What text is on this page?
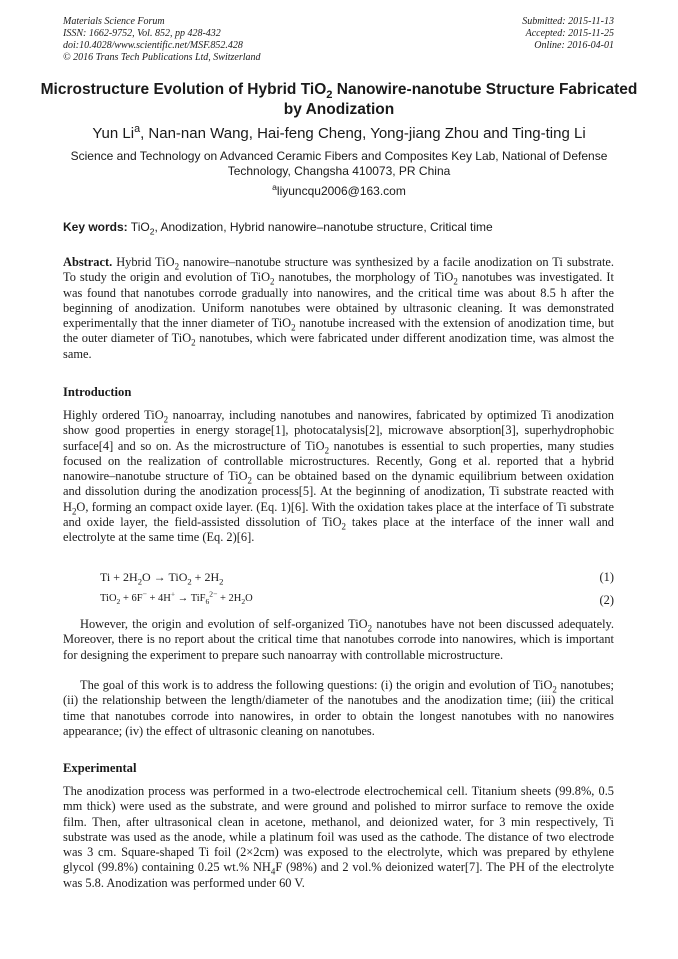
Materials Science Forum
ISSN: 1662-9752, Vol. 852, pp 428-432
doi:10.4028/www.scientific.net/MSF.852.428
© 2016 Trans Tech Publications Ltd, Switzerland
Submitted: 2015-11-13
Accepted: 2015-11-25
Online: 2016-04-01
Microstructure Evolution of Hybrid TiO$_2$ Nanowire-nanotube Structure Fabricated by Anodization
Yun Li$^a$, Nan-nan Wang, Hai-feng Cheng, Yong-jiang Zhou and Ting-ting Li
Science and Technology on Advanced Ceramic Fibers and Composites Key Lab, National of Defense Technology, Changsha 410073, PR China
$^a$liyuncqu2006@163.com
Key words: TiO$_2$, Anodization, Hybrid nanowire–nanotube structure, Critical time
Abstract. Hybrid TiO$_2$ nanowire–nanotube structure was synthesized by a facile anodization on Ti substrate. To study the origin and evolution of TiO$_2$ nanotubes, the morphology of TiO$_2$ nanotubes was investigated. It was found that nanotubes corrode gradually into nanowires, and the critical time was about 8.5 h after the beginning of anodization. Uniform nanotubes were obtained by ultrasonic cleaning. It was demonstrated experimentally that the inner diameter of TiO$_2$ nanotube increased with the extension of anodization time, but the outer diameter of TiO$_2$ nanotubes, which were fabricated under different anodization time, was almost the same.
Introduction
Highly ordered TiO$_2$ nanoarray, including nanotubes and nanowires, fabricated by optimized Ti anodization show good properties in energy storage[1], photocatalysis[2], microwave absorption[3], superhydrophobic surface[4] and so on. As the microstructure of TiO$_2$ nanotubes is essential to such properties, many studies focused on the realization of controllable microstructures. Recently, Gong et al. reported that a hybrid nanowire–nanotube structure of TiO$_2$ can be obtained based on the dynamic equilibrium between oxidation and dissolution during the anodization process[5]. At the beginning of anodization, Ti substrate reacted with $H_2O$, forming an compact oxide layer. (Eq. 1)[6]. With the oxidation takes place at the interface of Ti substrate and oxide layer, the field-assisted dissolution of TiO$_2$ takes place at the interface of the inner wall and electrolyte at the same time (Eq. 2)[6].
$Ti + 2H_2O \to TiO_2 + 2H_2$	(1)
$TiO_2 + 6F^- + 4H^+ \to TiF_6^{2-} + 2H_2O$	(2)
However, the origin and evolution of self-organized TiO$_2$ nanotubes have not been discussed adequately. Moreover, there is no report about the critical time that nanotubes corrode into nanowires, which is important for designing the experiment to prepare such nanoarray with controllable microstructure.
The goal of this work is to address the following questions: (i) the origin and evolution of TiO$_2$ nanotubes; (ii) the relationship between the length/diameter of the nanotubes and the anodization time; (iii) the critical time that nanotubes corrode into nanowires, in order to obtain the longest nanotubes with no nanowires appearance; (iv) the effect of ultrasonic cleaning on nanotubes.
Experimental
The anodization process was performed in a two-electrode electrochemical cell. Titanium sheets (99.8%, 0.5 mm thick) were used as the substrate, and were ground and polished to mirror surface to remove the oxide film. Then, after ultrasonical clean in acetone, methanol, and deionized water, for 3 min respectively, Ti substrate was used as the anode, while a platinum foil was used as the cathode. The distance of two electrode was 3 cm. Square-shaped Ti foil (2×2cm) was exposed to the electrolyte, which was prepared by ethylene glycol (99.8%) containing 0.25 wt.% $NH_4F$ (98%) and 2 vol.% deionized water[7]. The PH of the electrolyte was 5.8. Anodization was performed under 60 V.
